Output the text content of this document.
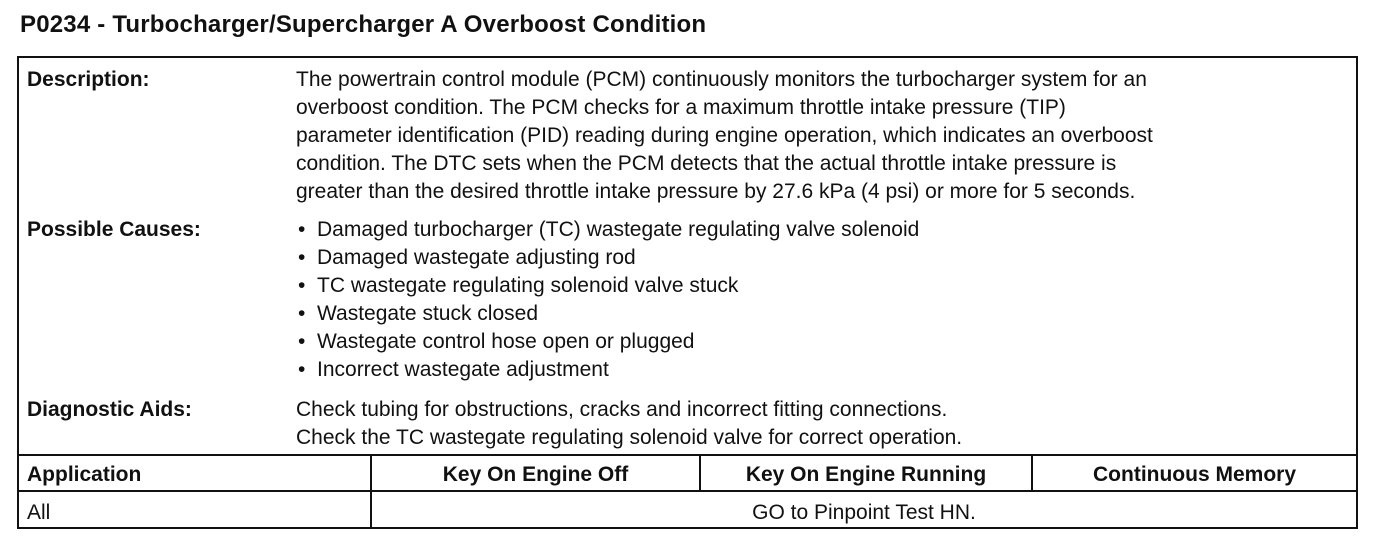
P0234 - Turbocharger/Supercharger A Overboost Condition
Description:	The powertrain control module (PCM) continuously monitors the turbocharger system for an
overboost condition. The PCM checks for a maximum throttle intake pressure (TIP)
parameter identification (PID) reading during engine operation, which indicates an overboost
condition. The DTC sets when the PCM detects that the actual throttle intake pressure is
greater than the desired throttle intake pressure by 27.6 kPa (4 psi) or more for 5 seconds.
Possible Causes:
•	Damaged turbocharger (TC) wastegate regulating valve solenoid
• Damaged wastegate adjusting rod
• TC wastegate regulating solenoid valve stuck
• Wastegate stuck closed
• Wastegate control hose open or plugged
• Incorrect wastegate adjustment
Diagnostic Aids:	Check tubing for obstructions, cracks and incorrect fitting connections.
Check the TC wastegate regulating solenoid valve for correct operation.
Application	Key On Engine Off	Key On Engine Running	Continuous Memory
All	GO to Pinpoint Test HN.
